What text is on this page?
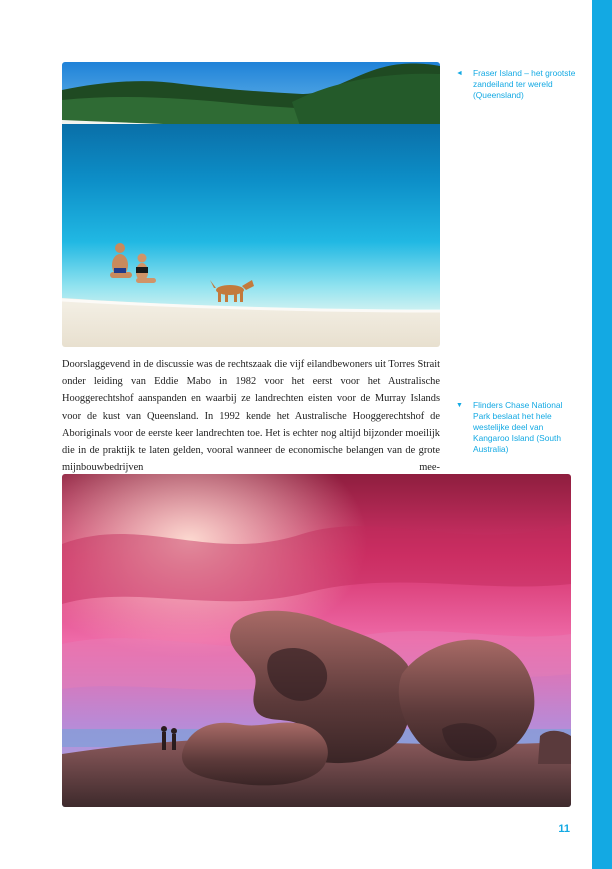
◄ Fraser Island – het grootste zandeiland ter wereld (Queensland)
▼ Flinders Chase National Park beslaat het hele westelijke deel van Kangaroo Island (South Australia)

Doorslaggevend in de discussie was de rechtszaak die vijf eilandbewoners uit Torres Strait onder leiding van Eddie Mabo in 1982 voor het eerst voor het Australische Hooggerechtshof aanspanden en waarbij ze landrechten eisten voor de Murray Islands voor de kust van Queensland. In 1992 kende het Australische Hooggerechtshof de Aboriginals voor de eerste keer landrechten toe. Het is echter nog altijd bijzonder moeilijk die in de praktijk te laten gelden, vooral wanneer de economische belangen van de grote mijnbouwbedrijven mee-

11
